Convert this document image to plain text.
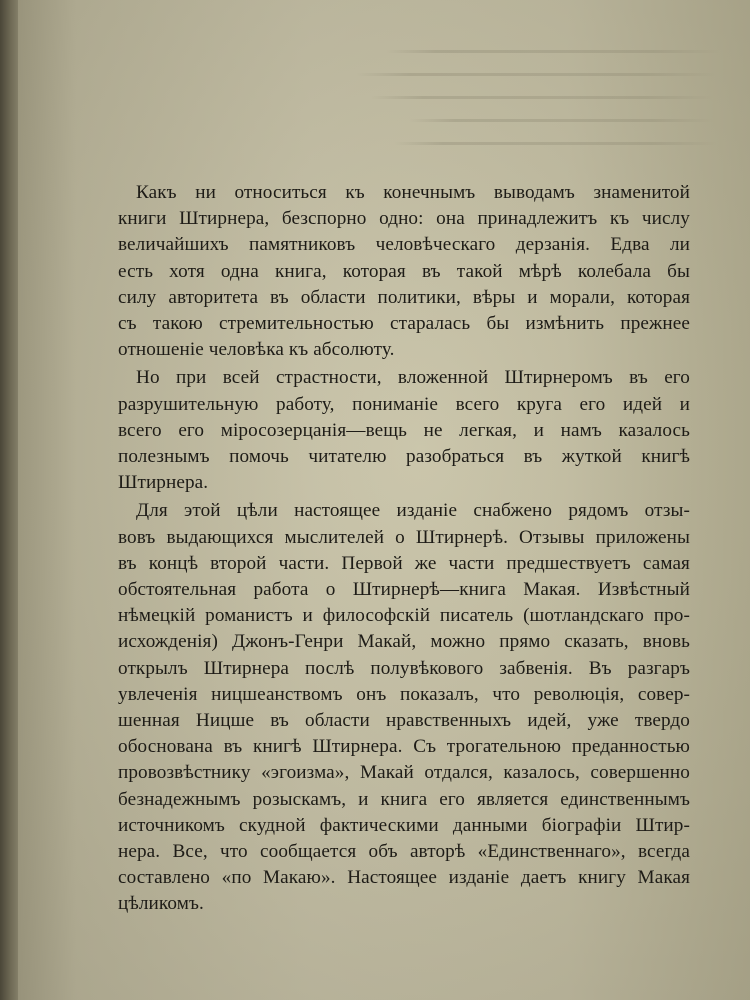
Какъ ни относиться къ конечнымъ выводамъ знаменитой
книги Штирнера, безспорно одно: она принадлежитъ къ числу
величайшихъ памятниковъ человѣческаго дерзанія. Едва ли
есть хотя одна книга, которая въ такой мѣрѣ колебала бы
силу авторитета въ области политики, вѣры и морали, которая
съ такою стремительностью старалась бы измѣнить прежнее
отношеніе человѣка къ абсолюту.
Но при всей страстности, вложенной Штирнеромъ въ его
разрушительную работу, пониманіе всего круга его идей и
всего его міросозерцанія—вещь не легкая, и намъ казалось
полезнымъ помочь читателю разобраться въ жуткой книгѣ
Штирнера.
Для этой цѣли настоящее изданіе снабжено рядомъ отзы-
вовъ выдающихся мыслителей о Штирнерѣ. Отзывы приложены
въ концѣ второй части. Первой же части предшествуетъ самая
обстоятельная работа о Штирнерѣ—книга Макая. Извѣстный
нѣмецкій романистъ и философскій писатель (шотландскаго про-
исхожденія) Джонъ-Генри Макай, можно прямо сказать, вновь
открылъ Штирнера послѣ полувѣкового забвенія. Въ разгаръ
увлеченія ницшеанствомъ онъ показалъ, что революція, совер-
шенная Ницше въ области нравственныхъ идей, уже твердо
обоснована въ книгѣ Штирнера. Съ трогательною преданностью
провозвѣстнику «эгоизма», Макай отдался, казалось, совершенно
безнадежнымъ розыскамъ, и книга его является единственнымъ
источникомъ скудной фактическими данными біографіи Штир-
нера. Все, что сообщается объ авторѣ «Единственнаго», всегда
составлено «по Макаю». Настоящее изданіе даетъ книгу Макая
цѣликомъ.
